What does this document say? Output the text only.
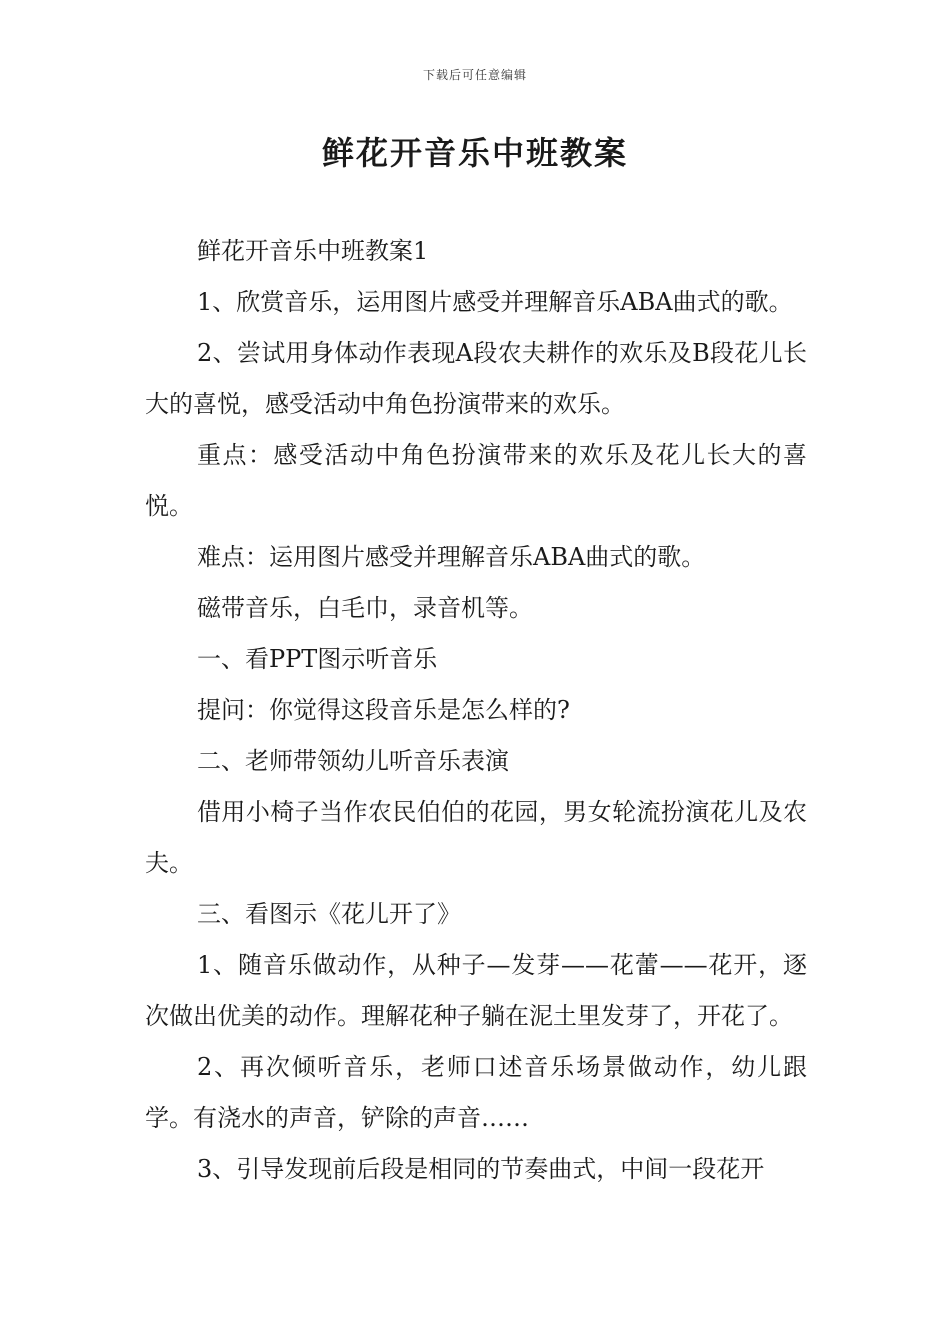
下载后可任意编辑
鲜花开音乐中班教案

鲜花开音乐中班教案1

1、欣赏音乐，运用图片感受并理解音乐ABA曲式的歌。

2、尝试用身体动作表现A段农夫耕作的欢乐及B段花儿长大的喜悦，感受活动中角色扮演带来的欢乐。

重点：感受活动中角色扮演带来的欢乐及花儿长大的喜悦。

难点：运用图片感受并理解音乐ABA曲式的歌。

磁带音乐，白毛巾，录音机等。

一、看PPT图示听音乐

提问：你觉得这段音乐是怎么样的?

二、老师带领幼儿听音乐表演

借用小椅子当作农民伯伯的花园，男女轮流扮演花儿及农夫。

三、看图示《花儿开了》

1、随音乐做动作，从种子—发芽——花蕾——花开，逐次做出优美的动作。理解花种子躺在泥土里发芽了，开花了。

2、再次倾听音乐，老师口述音乐场景做动作，幼儿跟学。有浇水的声音，铲除的声音……

3、引导发现前后段是相同的节奏曲式，中间一段花开
